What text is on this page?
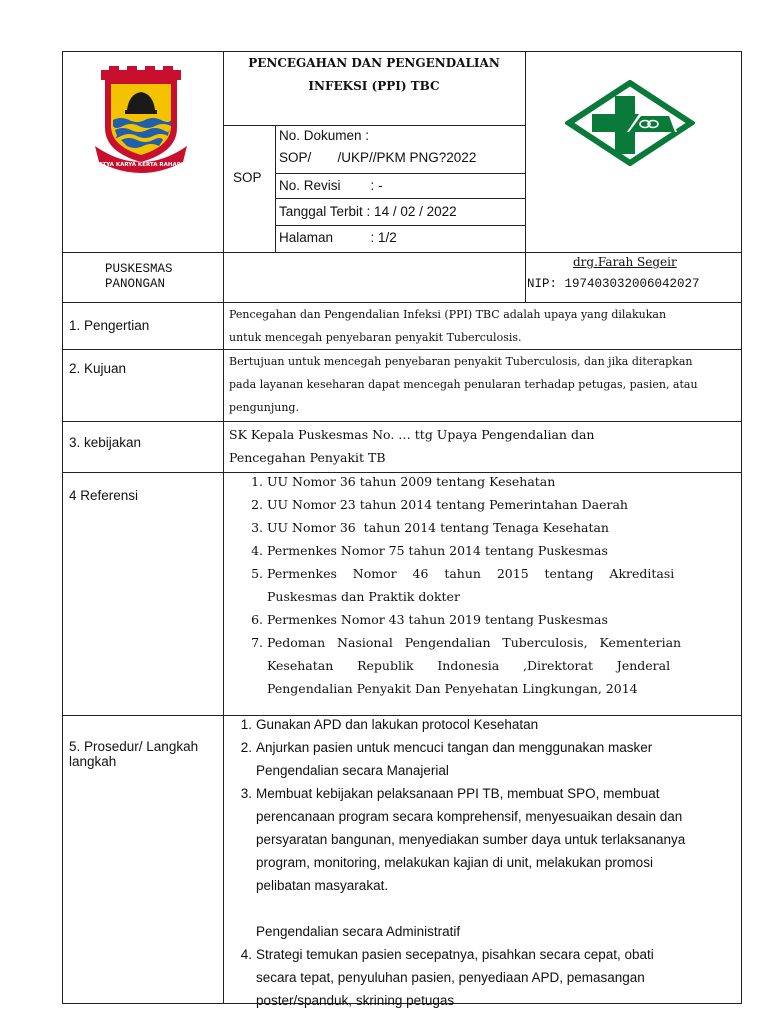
SATYA KARYA KERTA RAHARJA
PENCEGAHAN DAN PENGENDALIAN
INFEKSI (PPI) TBC
SOP
No. Dokumen :
SOP/       /UKP//PKM PNG?2022
No. Revisi        : -
Tanggal Terbit : 14 / 02 / 2022
Halaman          : 1/2
PUSKESMAS
PANONGAN
drg.Farah Segeir
NIP: 197403032006042027
1. Pengertian
Pencegahan dan Pengendalian Infeksi (PPI) TBC adalah upaya yang dilakukan
untuk mencegah penyebaran penyakit Tuberculosis.
2. Kujuan	Bertujuan untuk mencegah penyebaran penyakit Tuberculosis, dan jika diterapkan
pada layanan keseharan dapat mencegah penularan terhadap petugas, pasien, atau
pengunjung.
3. kebijakan
SK Kepala Puskesmas No. … ttg Upaya Pengendalian dan
Pencegahan Penyakit TB
4 Referensi
1. UU Nomor 36 tahun 2009 tentang Kesehatan
2. UU Nomor 23 tahun 2014 tentang Pemerintahan Daerah
3. UU Nomor 36  tahun 2014 tentang Tenaga Kesehatan
4. Permenkes Nomor 75 tahun 2014 tentang Puskesmas
5. Permenkes    Nomor    46    tahun    2015    tentang    Akreditasi
Puskesmas dan Praktik dokter
6. Permenkes Nomor 43 tahun 2019 tentang Puskesmas
7. Pedoman   Nasional   Pengendalian   Tuberculosis,   Kementerian
Kesehatan      Republik      Indonesia      ,Direktorat      Jenderal
Pengendalian Penyakit Dan Penyehatan Lingkungan, 2014
5. Prosedur/ Langkah
langkah
1. Gunakan APD dan lakukan protocol Kesehatan
2. Anjurkan pasien untuk mencuci tangan dan menggunakan masker
Pengendalian secara Manajerial
3. Membuat kebijakan pelaksanaan PPI TB, membuat SPO, membuat
perencanaan program secara komprehensif, menyesuaikan desain dan
persyaratan bangunan, menyediakan sumber daya untuk terlaksananya
program, monitoring, melakukan kajian di unit, melakukan promosi
pelibatan masyarakat.
Pengendalian secara Administratif
4. Strategi temukan pasien secepatnya, pisahkan secara cepat, obati
secara tepat, penyuluhan pasien, penyediaan APD, pemasangan
poster/spanduk, skrining petugas
